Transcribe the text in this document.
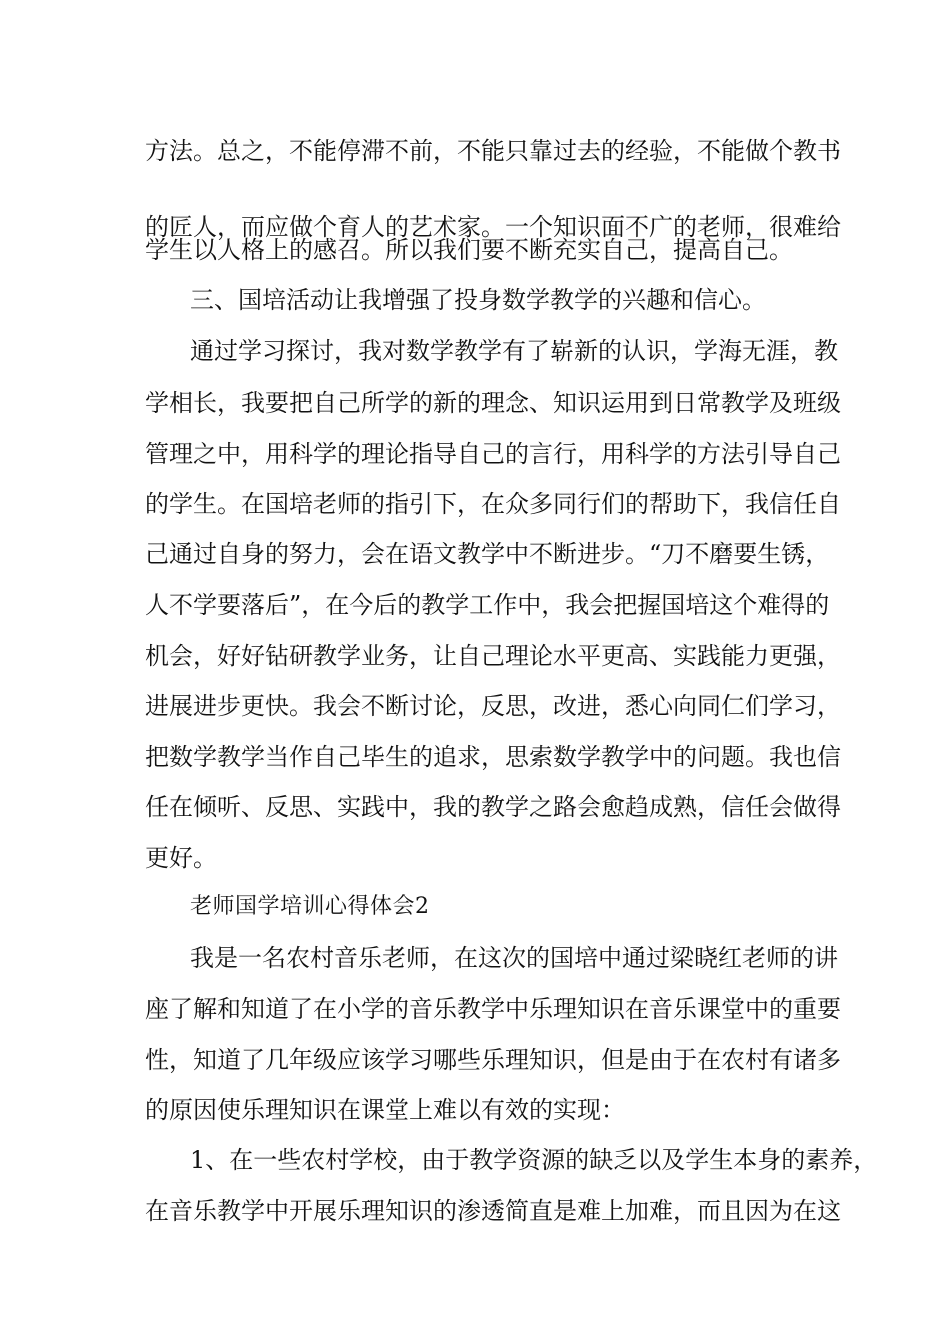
方法。总之，不能停滞不前，不能只靠过去的经验，不能做个教书
的匠人，而应做个育人的艺术家。一个知识面不广的老师，很难给
学生以人格上的感召。所以我们要不断充实自己，提高自己。
三、国培活动让我增强了投身数学教学的兴趣和信心。
通过学习探讨，我对数学教学有了崭新的认识，学海无涯，教
学相长，我要把自己所学的新的理念、知识运用到日常教学及班级
管理之中，用科学的理论指导自己的言行，用科学的方法引导自己
的学生。在国培老师的指引下，在众多同行们的帮助下，我信任自
己通过自身的努力，会在语文教学中不断进步。“刀不磨要生锈，
人不学要落后”，在今后的教学工作中，我会把握国培这个难得的
机会，好好钻研教学业务，让自己理论水平更高、实践能力更强，
进展进步更快。我会不断讨论，反思，改进，悉心向同仁们学习，
把数学教学当作自己毕生的追求，思索数学教学中的问题。我也信
任在倾听、反思、实践中，我的教学之路会愈趋成熟，信任会做得
更好。
老师国学培训心得体会2
我是一名农村音乐老师，在这次的国培中通过梁晓红老师的讲
座了解和知道了在小学的音乐教学中乐理知识在音乐课堂中的重要
性，知道了几年级应该学习哪些乐理知识，但是由于在农村有诸多
的原因使乐理知识在课堂上难以有效的实现：
1、在一些农村学校，由于教学资源的缺乏以及学生本身的素养，
在音乐教学中开展乐理知识的渗透简直是难上加难，而且因为在这
